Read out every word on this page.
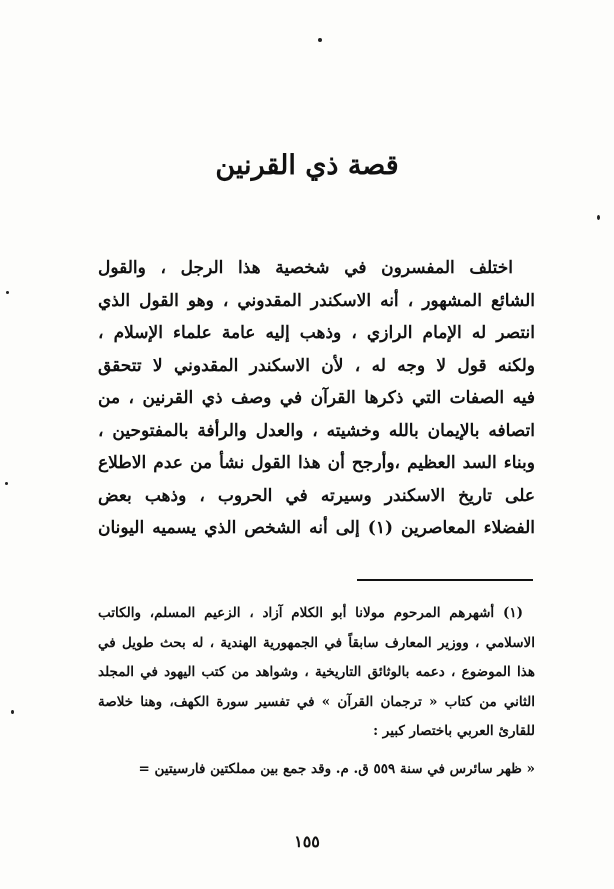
قصة ذي القرنين
اختلف المفسرون في شخصية هذا الرجل ، والقول
الشائع المشهور ، أنه الاسكندر المقدوني ، وهو القول الذي
انتصر له الإمام الرازي ، وذهب إليه عامة علماء الإسلام ،
ولكنه قول لا وجه له ، لأن الاسكندر المقدوني لا تتحقق
فيه الصفات التي ذكرها القرآن في وصف ذي القرنين ، من
اتصافه بالإيمان بالله وخشيته ، والعدل والرأفة بالمفتوحين ،
وبناء السد العظيم ،وأرجح أن هذا القول نشأ من عدم الاطلاع
على تاريخ الاسكندر وسيرته في الحروب ، وذهب بعض
الفضلاء المعاصرين (١) إلى أنه الشخص الذي يسميه اليونان
(١) أشهرهم المرحوم مولانا أبو الكلام آزاد ، الزعيم المسلم، والكاتب
الاسلامي ، ووزير المعارف سابقاً في الجمهورية الهندية ، له بحث طويل في
هذا الموضوع ، دعمه بالوثائق التاريخية ، وشواهد من كتب اليهود في المجلد
الثاني من كتاب « ترجمان القرآن » في تفسير سورة الكهف، وهنا خلاصة
للقارئ العربي باختصار كبير :
« ظهر سائرس في سنة ٥٥٩ ق. م. وقد جمع بين مملكتين فارسيتين =
١٥٥
